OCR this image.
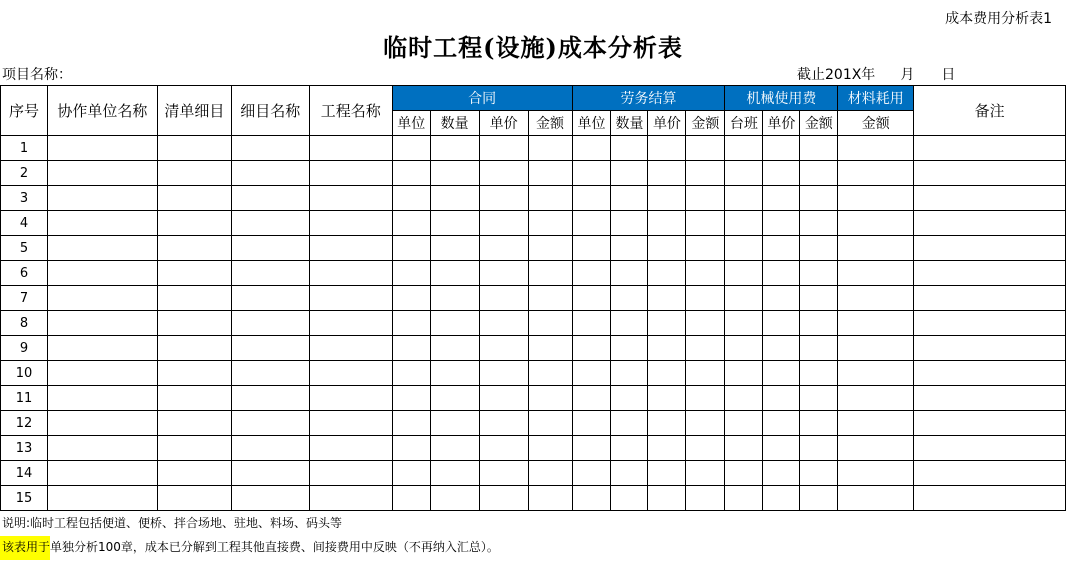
成本费用分析表1
临时工程(设施)成本分析表
项目名称：	截止201X年 月 日
序号	协作单位名称	清单细目	细目名称	工程名称	合同				劳务结算				机械使用费			材料耗用	备注
					单位	数量	单价	金额	单位	数量	单价	金额	台班	单价	金额	金额	
1																	
2																	
3																	
4																	
5																	
6																	
7																	
8																	
9																	
10																	
11																	
12																	
13																	
14																	
15																	
说明:临时工程包括便道、便桥、拌合场地、驻地、料场、码头等
该表用于单独分析100章，成本已分解到工程其他直接费、间接费用中反映（不再纳入汇总）。
